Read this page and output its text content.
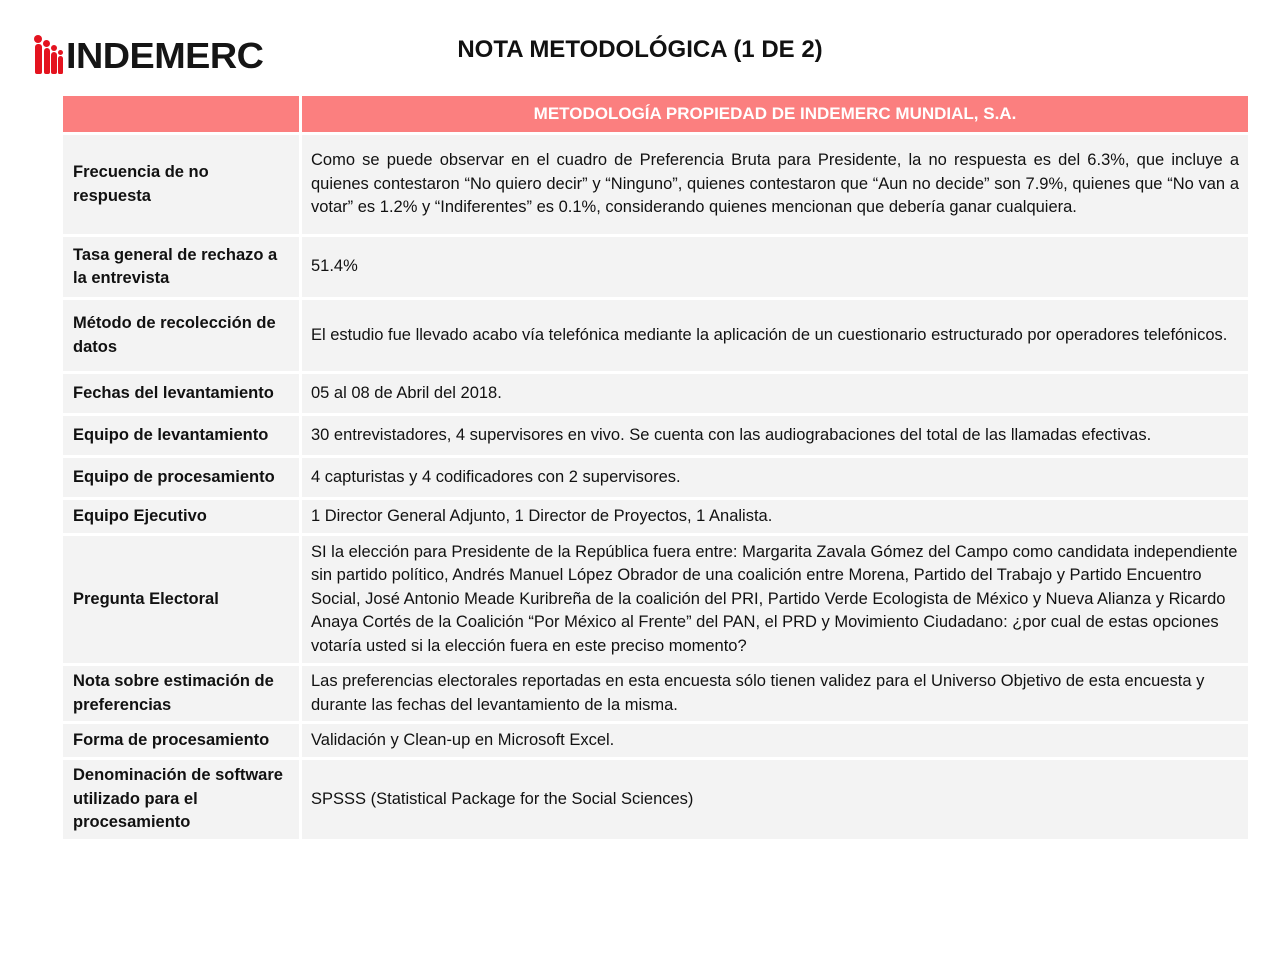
INDEMERC	NOTA METODOLÓGICA (1 DE 2)
	METODOLOGÍA PROPIEDAD DE INDEMERC MUNDIAL, S.A.
Frecuencia de no respuesta	Como se puede observar en el cuadro de Preferencia Bruta para Presidente, la no respuesta es del 6.3%, que incluye a quienes contestaron “No quiero decir” y “Ninguno”, quienes contestaron que “Aun no decide” son 7.9%, quienes que “No van a votar” es 1.2% y “Indiferentes” es 0.1%, considerando quienes mencionan que debería ganar cualquiera.
Tasa general de rechazo a la entrevista	51.4%
Método de recolección de datos	El estudio fue llevado acabo vía telefónica mediante la aplicación de un cuestionario estructurado por operadores telefónicos.
Fechas del levantamiento	05 al 08 de Abril del 2018.
Equipo de levantamiento	30 entrevistadores, 4 supervisores en vivo. Se cuenta con las audiograbaciones del total de las llamadas efectivas.
Equipo de procesamiento	4 capturistas y 4 codificadores con 2 supervisores.
Equipo Ejecutivo	1 Director General Adjunto, 1 Director de Proyectos, 1 Analista.
Pregunta Electoral	SI la elección para Presidente de la República fuera entre: Margarita Zavala Gómez del Campo como candidata independiente sin partido político, Andrés Manuel López Obrador de una coalición entre Morena, Partido del Trabajo y Partido Encuentro Social, José Antonio Meade Kuribreña de la coalición del PRI, Partido Verde Ecologista de México y Nueva Alianza y Ricardo Anaya Cortés de la Coalición “Por México al Frente” del PAN, el PRD y Movimiento Ciudadano: ¿por cual de estas opciones votaría usted si la elección fuera en este preciso momento?
Nota sobre estimación de preferencias	Las preferencias electorales reportadas en esta encuesta sólo tienen validez para el Universo Objetivo de esta encuesta y durante las fechas del levantamiento de la misma.
Forma de procesamiento	Validación y Clean-up en Microsoft Excel.
Denominación de software utilizado para el procesamiento	SPSSS (Statistical Package for the Social Sciences)
